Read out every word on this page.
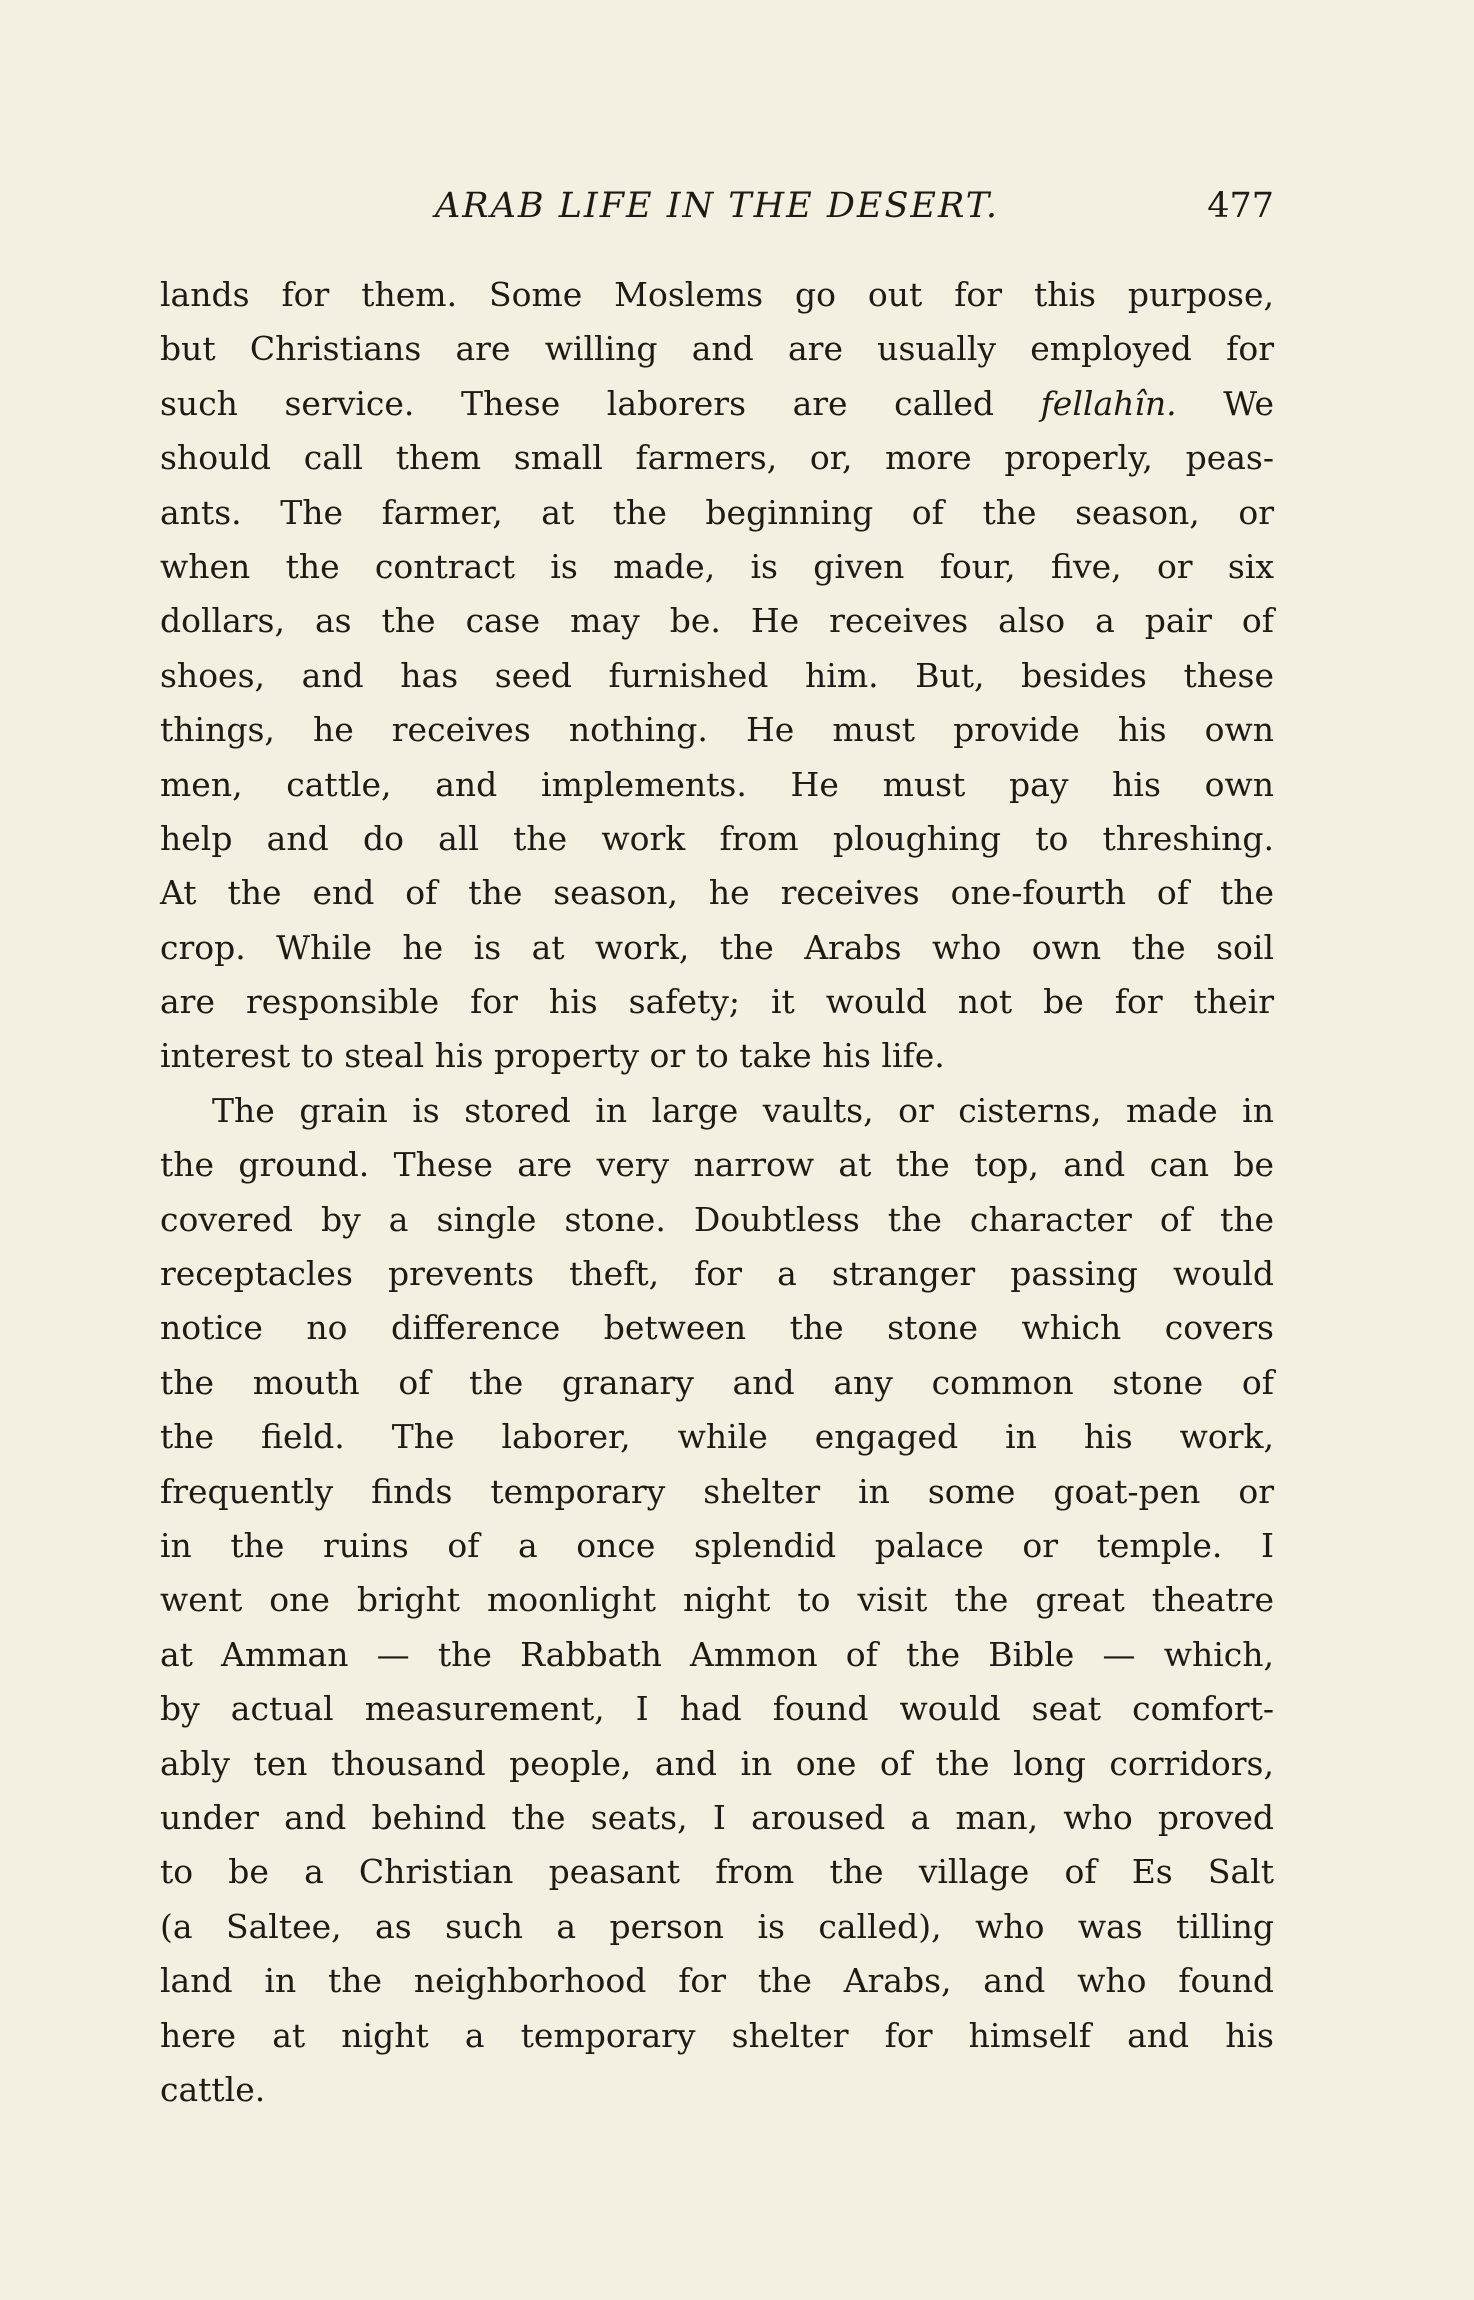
ARAB LIFE IN THE DESERT.	477
lands for them. Some Moslems go out for this purpose,
but Christians are willing and are usually employed for
such service. These laborers are called fellahîn. We
should call them small farmers, or, more properly, peas-
ants. The farmer, at the beginning of the season, or
when the contract is made, is given four, five, or six
dollars, as the case may be. He receives also a pair of
shoes, and has seed furnished him. But, besides these
things, he receives nothing. He must provide his own
men, cattle, and implements. He must pay his own
help and do all the work from ploughing to threshing.
At the end of the season, he receives one-fourth of the
crop. While he is at work, the Arabs who own the soil
are responsible for his safety; it would not be for their
interest to steal his property or to take his life.
The grain is stored in large vaults, or cisterns, made in
the ground. These are very narrow at the top, and can be
covered by a single stone. Doubtless the character of the
receptacles prevents theft, for a stranger passing would
notice no difference between the stone which covers
the mouth of the granary and any common stone of
the field. The laborer, while engaged in his work,
frequently finds temporary shelter in some goat-pen or
in the ruins of a once splendid palace or temple. I
went one bright moonlight night to visit the great theatre
at Amman — the Rabbath Ammon of the Bible — which,
by actual measurement, I had found would seat comfort-
ably ten thousand people, and in one of the long corridors,
under and behind the seats, I aroused a man, who proved
to be a Christian peasant from the village of Es Salt
(a Saltee, as such a person is called), who was tilling
land in the neighborhood for the Arabs, and who found
here at night a temporary shelter for himself and his
cattle.
